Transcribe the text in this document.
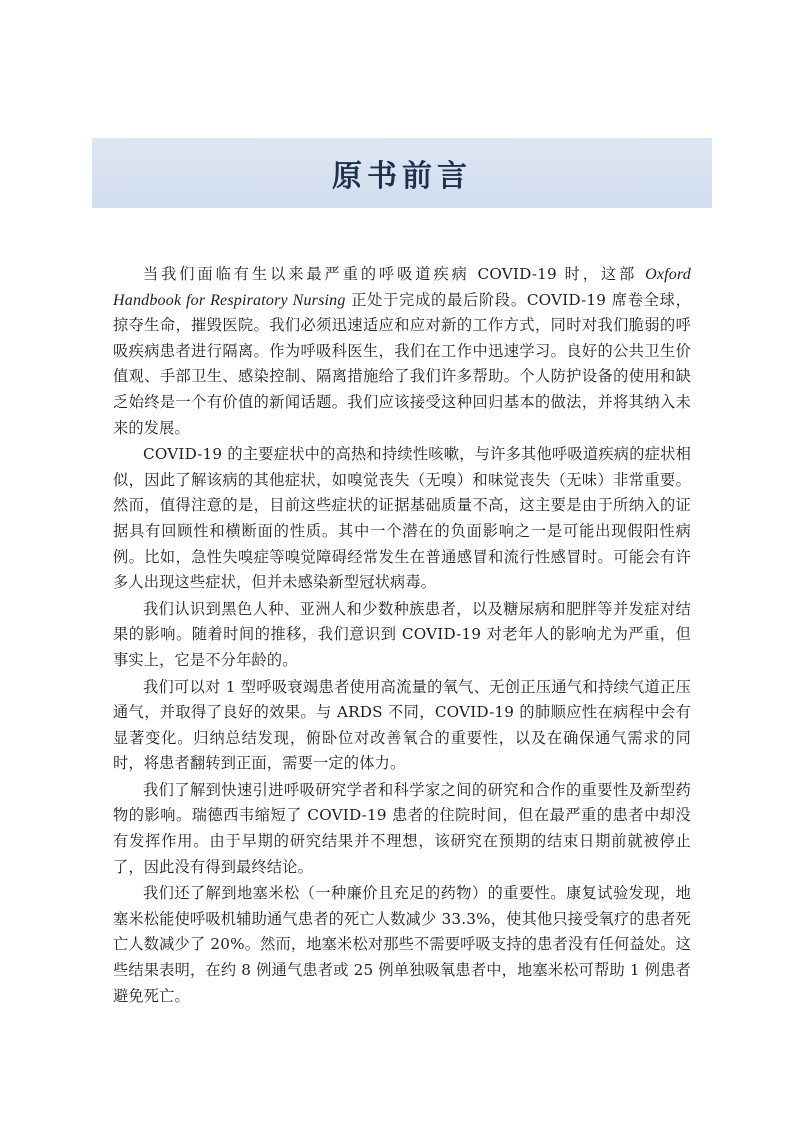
原书前言

当我们面临有生以来最严重的呼吸道疾病 COVID-19 时，这部 Oxford Handbook for Respiratory Nursing 正处于完成的最后阶段。COVID-19 席卷全球，掠夺生命，摧毁医院。我们必须迅速适应和应对新的工作方式，同时对我们脆弱的呼吸疾病患者进行隔离。作为呼吸科医生，我们在工作中迅速学习。良好的公共卫生价值观、手部卫生、感染控制、隔离措施给了我们许多帮助。个人防护设备的使用和缺乏始终是一个有价值的新闻话题。我们应该接受这种回归基本的做法，并将其纳入未来的发展。

COVID-19 的主要症状中的高热和持续性咳嗽，与许多其他呼吸道疾病的症状相似，因此了解该病的其他症状，如嗅觉丧失（无嗅）和味觉丧失（无味）非常重要。然而，值得注意的是，目前这些症状的证据基础质量不高，这主要是由于所纳入的证据具有回顾性和横断面的性质。其中一个潜在的负面影响之一是可能出现假阳性病例。比如，急性失嗅症等嗅觉障碍经常发生在普通感冒和流行性感冒时。可能会有许多人出现这些症状，但并未感染新型冠状病毒。

我们认识到黑色人种、亚洲人和少数种族患者，以及糖尿病和肥胖等并发症对结果的影响。随着时间的推移，我们意识到 COVID-19 对老年人的影响尤为严重，但事实上，它是不分年龄的。

我们可以对 1 型呼吸衰竭患者使用高流量的氧气、无创正压通气和持续气道正压通气，并取得了良好的效果。与 ARDS 不同，COVID-19 的肺顺应性在病程中会有显著变化。归纳总结发现，俯卧位对改善氧合的重要性，以及在确保通气需求的同时，将患者翻转到正面，需要一定的体力。

我们了解到快速引进呼吸研究学者和科学家之间的研究和合作的重要性及新型药物的影响。瑞德西韦缩短了 COVID-19 患者的住院时间，但在最严重的患者中却没有发挥作用。由于早期的研究结果并不理想，该研究在预期的结束日期前就被停止了，因此没有得到最终结论。

我们还了解到地塞米松（一种廉价且充足的药物）的重要性。康复试验发现，地塞米松能使呼吸机辅助通气患者的死亡人数减少 33.3%，使其他只接受氧疗的患者死亡人数减少了 20%。然而，地塞米松对那些不需要呼吸支持的患者没有任何益处。这些结果表明，在约 8 例通气患者或 25 例单独吸氧患者中，地塞米松可帮助 1 例患者避免死亡。
